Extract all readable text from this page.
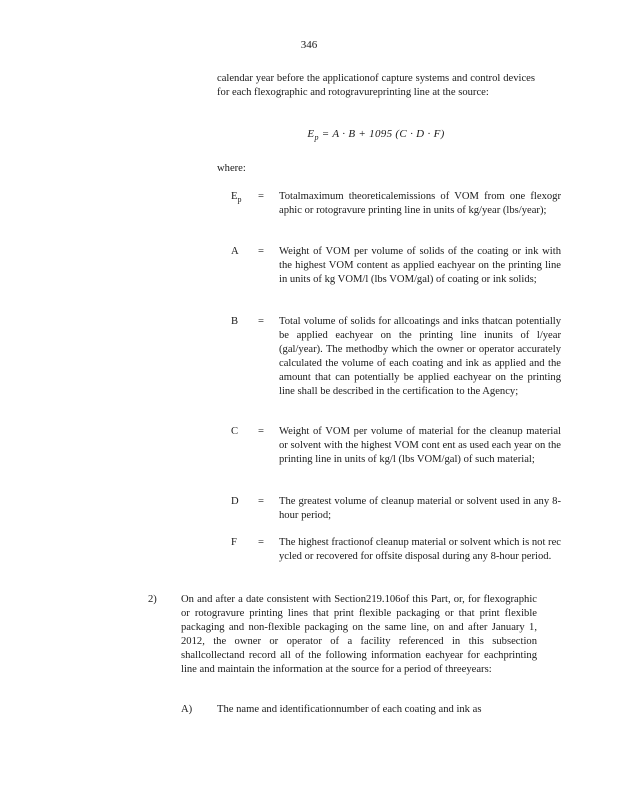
346
calendar year before the applicationof capture systems and control devices for each flexographic and rotogravureprinting line at the source:
$E_p = A \cdot B + 1095$ (C · D · F)
where:
$E_p$	=	Totalmaximum theoreticalemissions of VOM from one flexogr aphic or rotogravure printing line in units of kg/year (lbs/year);
A	=	Weight of VOM per volume of solids of the coating or ink with the highest VOM content as applied eachyear on the printing line in units of kg VOM/l (lbs VOM/gal) of coating or ink solids;
B	=	Total volume of solids for allcoatings and inks thatcan potentially be applied eachyear on the printing line inunits of l/year (gal/year). The methodby which the owner or operator accurately calculated the volume of each coating and ink as applied and the amount that can potentially be applied eachyear on the printing line shall be described in the certification to the Agency;
C	=	Weight of VOM per volume of material for the cleanup material or solvent with the highest VOM cont ent as used each year on the printing line in units of kg/l (lbs VOM/gal) of such material;
D	=	The greatest volume of cleanup material or solvent used in any 8-hour period;
F	=	The highest fractionof cleanup material or solvent which is not rec ycled or recovered for offsite disposal during any 8-hour period.
2) On and after a date consistent with Section219.106of this Part, or, for flexographic or rotogravure printing lines that print flexible packaging or that print flexible packaging and non-flexible packaging on the same line, on and after January 1, 2012, the owner or operator of a facility referenced in this subsection shallcollectand record all of the following information eachyear for eachprinting line and maintain the information at the source for a period of threeyears:
A) The name and identificationnumber of each coating and ink as
